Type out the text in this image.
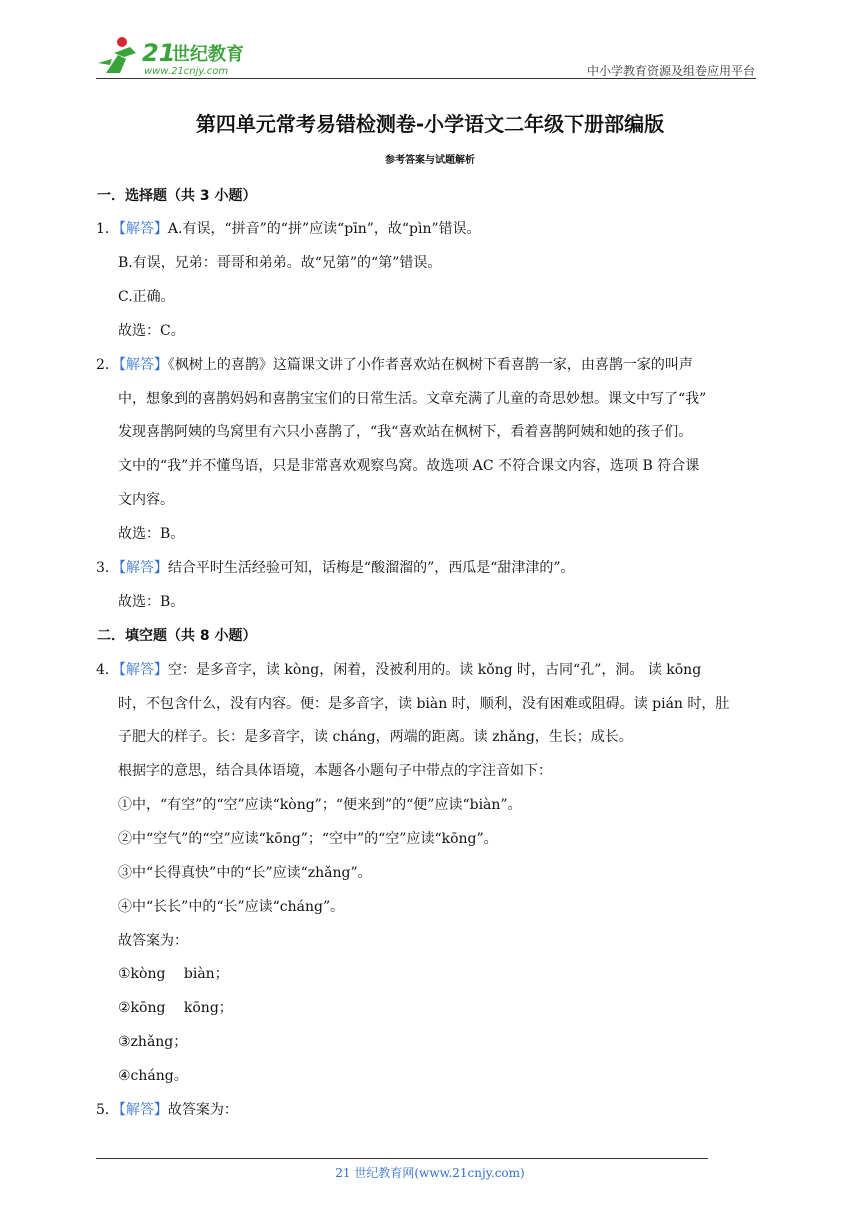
21
世纪教育
www.21cnjy.com	中小学教育资源及组卷应用平台
第四单元常考易错检测卷-小学语文二年级下册部编版
参考答案与试题解析
一．选择题（共 3 小题）
1．【解答】A.有误，“拼音”的“拼”应读“pīn”，故“pìn”错误。
B.有误，兄弟：哥哥和弟弟。故“兄第”的“第”错误。
C.正确。
故选：C。
2．【解答】《枫树上的喜鹊》这篇课文讲了小作者喜欢站在枫树下看喜鹊一家，由喜鹊一家的叫声
中，想象到的喜鹊妈妈和喜鹊宝宝们的日常生活。文章充满了儿童的奇思妙想。课文中写了“我”
发现喜鹊阿姨的鸟窝里有六只小喜鹊了，“我“喜欢站在枫树下，看着喜鹊阿姨和她的孩子们。
文中的“我”并不懂鸟语，只是非常喜欢观察鸟窝。故选项 AC 不符合课文内容，选项 B 符合课
文内容。
故选：B。
3．【解答】结合平时生活经验可知，话梅是“酸溜溜的”，西瓜是“甜津津的”。
故选：B。
二．填空题（共 8 小题）
4．【解答】空：是多音字，读 kòng，闲着，没被利用的。读 kǒng 时，古同“孔”，洞。 读 kōng
时，不包含什么，没有内容。便：是多音字，读 biàn 时，顺利，没有困难或阻碍。读 pián 时，肚
子肥大的样子。长：是多音字，读 cháng，两端的距离。读 zhǎng，生长；成长。
根据字的意思，结合具体语境，本题各小题句子中带点的字注音如下：
①中，“有空”的“空”应读“kòng”；“便来到”的“便”应读“biàn”。
②中“空气”的“空”应读“kōng”；“空中”的“空”应读“kōng”。
③中“长得真快”中的“长”应读“zhǎng”。
④中“长长”中的“长”应读“cháng”。
故答案为：
①kòng　 biàn；
②kōng　 kōng；
③zhǎng；
④cháng。
5．【解答】故答案为：
21 世纪教育网(www.21cnjy.com)
